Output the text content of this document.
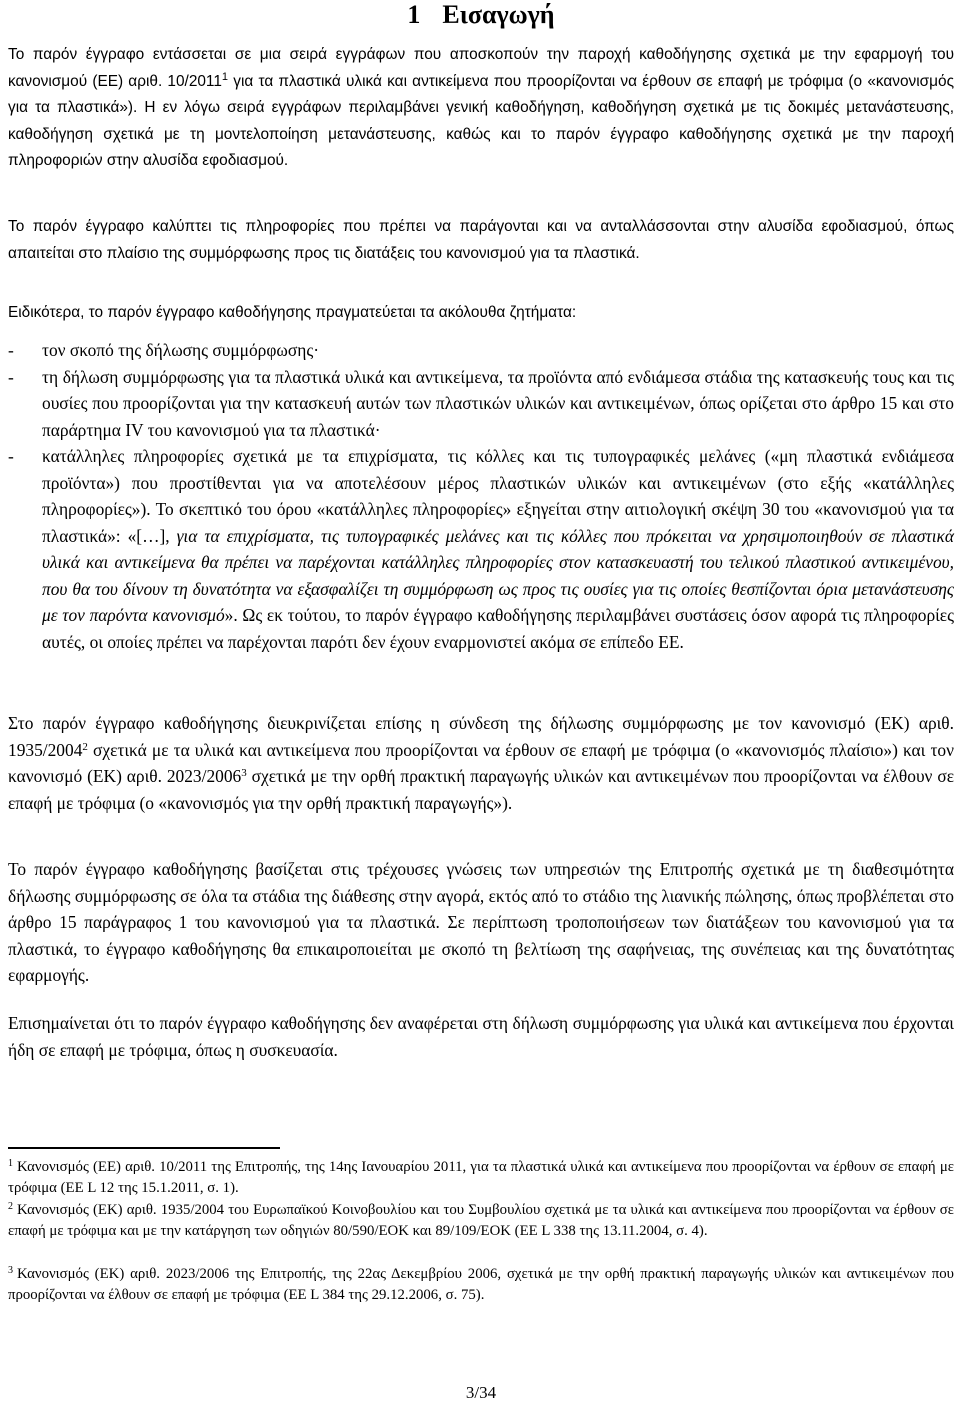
1 Εισαγωγή

Το παρόν έγγραφο εντάσσεται σε μια σειρά εγγράφων που αποσκοπούν την παροχή καθοδήγησης σχετικά με την εφαρμογή του κανονισμού (ΕΕ) αριθ. 10/2011$^1$ για τα πλαστικά υλικά και αντικείμενα που προορίζονται να έρθουν σε επαφή με τρόφιμα (ο «κανονισμός για τα πλαστικά»). Η εν λόγω σειρά εγγράφων περιλαμβάνει γενική καθοδήγηση, καθοδήγηση σχετικά με τις δοκιμές μετανάστευσης, καθοδήγηση σχετικά με τη μοντελοποίηση μετανάστευσης, καθώς και το παρόν έγγραφο καθοδήγησης σχετικά με την παροχή πληροφοριών στην αλυσίδα εφοδιασμού.

Το παρόν έγγραφο καλύπτει τις πληροφορίες που πρέπει να παράγονται και να ανταλλάσσονται στην αλυσίδα εφοδιασμού, όπως απαιτείται στο πλαίσιο της συμμόρφωσης προς τις διατάξεις του κανονισμού για τα πλαστικά.

Ειδικότερα, το παρόν έγγραφο καθοδήγησης πραγματεύεται τα ακόλουθα ζητήματα:

- τον σκοπό της δήλωσης συμμόρφωσης·

- τη δήλωση συμμόρφωσης για τα πλαστικά υλικά και αντικείμενα, τα προϊόντα από ενδιάμεσα στάδια της κατασκευής τους και τις ουσίες που προορίζονται για την κατασκευή αυτών των πλαστικών υλικών και αντικειμένων, όπως ορίζεται στο άρθρο 15 και στο παράρτημα IV του κανονισμού για τα πλαστικά·

- κατάλληλες πληροφορίες σχετικά με τα επιχρίσματα, τις κόλλες και τις τυπογραφικές μελάνες («μη πλαστικά ενδιάμεσα προϊόντα») που προστίθενται για να αποτελέσουν μέρος πλαστικών υλικών και αντικειμένων (στο εξής «κατάλληλες πληροφορίες»). Το σκεπτικό του όρου «κατάλληλες πληροφορίες» εξηγείται στην αιτιολογική σκέψη 30 του «κανονισμού για τα πλαστικά»: «[…], για τα επιχρίσματα, τις τυπογραφικές μελάνες και τις κόλλες που πρόκειται να χρησιμοποιηθούν σε πλαστικά υλικά και αντικείμενα θα πρέπει να παρέχονται κατάλληλες πληροφορίες στον κατασκευαστή του τελικού πλαστικού αντικειμένου, που θα του δίνουν τη δυνατότητα να εξασφαλίζει τη συμμόρφωση ως προς τις ουσίες για τις οποίες θεσπίζονται όρια μετανάστευσης με τον παρόντα κανονισμό». Ως εκ τούτου, το παρόν έγγραφο καθοδήγησης περιλαμβάνει συστάσεις όσον αφορά τις πληροφορίες αυτές, οι οποίες πρέπει να παρέχονται παρότι δεν έχουν εναρμονιστεί ακόμα σε επίπεδο ΕΕ.

Στο παρόν έγγραφο καθοδήγησης διευκρινίζεται επίσης η σύνδεση της δήλωσης συμμόρφωσης με τον κανονισμό (ΕΚ) αριθ. 1935/2004$^2$ σχετικά με τα υλικά και αντικείμενα που προορίζονται να έρθουν σε επαφή με τρόφιμα (ο «κανονισμός πλαίσιο») και τον κανονισμό (ΕΚ) αριθ. 2023/2006$^3$ σχετικά με την ορθή πρακτική παραγωγής υλικών και αντικειμένων που προορίζονται να έλθουν σε επαφή με τρόφιμα (ο «κανονισμός για την ορθή πρακτική παραγωγής»).

Το παρόν έγγραφο καθοδήγησης βασίζεται στις τρέχουσες γνώσεις των υπηρεσιών της Επιτροπής σχετικά με τη διαθεσιμότητα δήλωσης συμμόρφωσης σε όλα τα στάδια της διάθεσης στην αγορά, εκτός από το στάδιο της λιανικής πώλησης, όπως προβλέπεται στο άρθρο 15 παράγραφος 1 του κανονισμού για τα πλαστικά. Σε περίπτωση τροποποιήσεων των διατάξεων του κανονισμού για τα πλαστικά, το έγγραφο καθοδήγησης θα επικαιροποιείται με σκοπό τη βελτίωση της σαφήνειας, της συνέπειας και της δυνατότητας εφαρμογής.

Επισημαίνεται ότι το παρόν έγγραφο καθοδήγησης δεν αναφέρεται στη δήλωση συμμόρφωσης για υλικά και αντικείμενα που έρχονται ήδη σε επαφή με τρόφιμα, όπως η συσκευασία.

$^1$ Κανονισμός (ΕΕ) αριθ. 10/2011 της Επιτροπής, της 14ης Ιανουαρίου 2011, για τα πλαστικά υλικά και αντικείμενα που προορίζονται να έρθουν σε επαφή με τρόφιμα (ΕΕ L 12 της 15.1.2011, σ. 1).

$^2$ Κανονισμός (ΕΚ) αριθ. 1935/2004 του Ευρωπαϊκού Κοινοβουλίου και του Συμβουλίου σχετικά με τα υλικά και αντικείμενα που προορίζονται να έρθουν σε επαφή με τρόφιμα και με την κατάργηση των οδηγιών 80/590/ΕΟΚ και 89/109/ΕΟΚ (ΕΕ L 338 της 13.11.2004, σ. 4).

$^3$ Κανονισμός (ΕΚ) αριθ. 2023/2006 της Επιτροπής, της 22ας Δεκεμβρίου 2006, σχετικά με την ορθή πρακτική παραγωγής υλικών και αντικειμένων που προορίζονται να έλθουν σε επαφή με τρόφιμα (ΕΕ L 384 της 29.12.2006, σ. 75).

3/34
